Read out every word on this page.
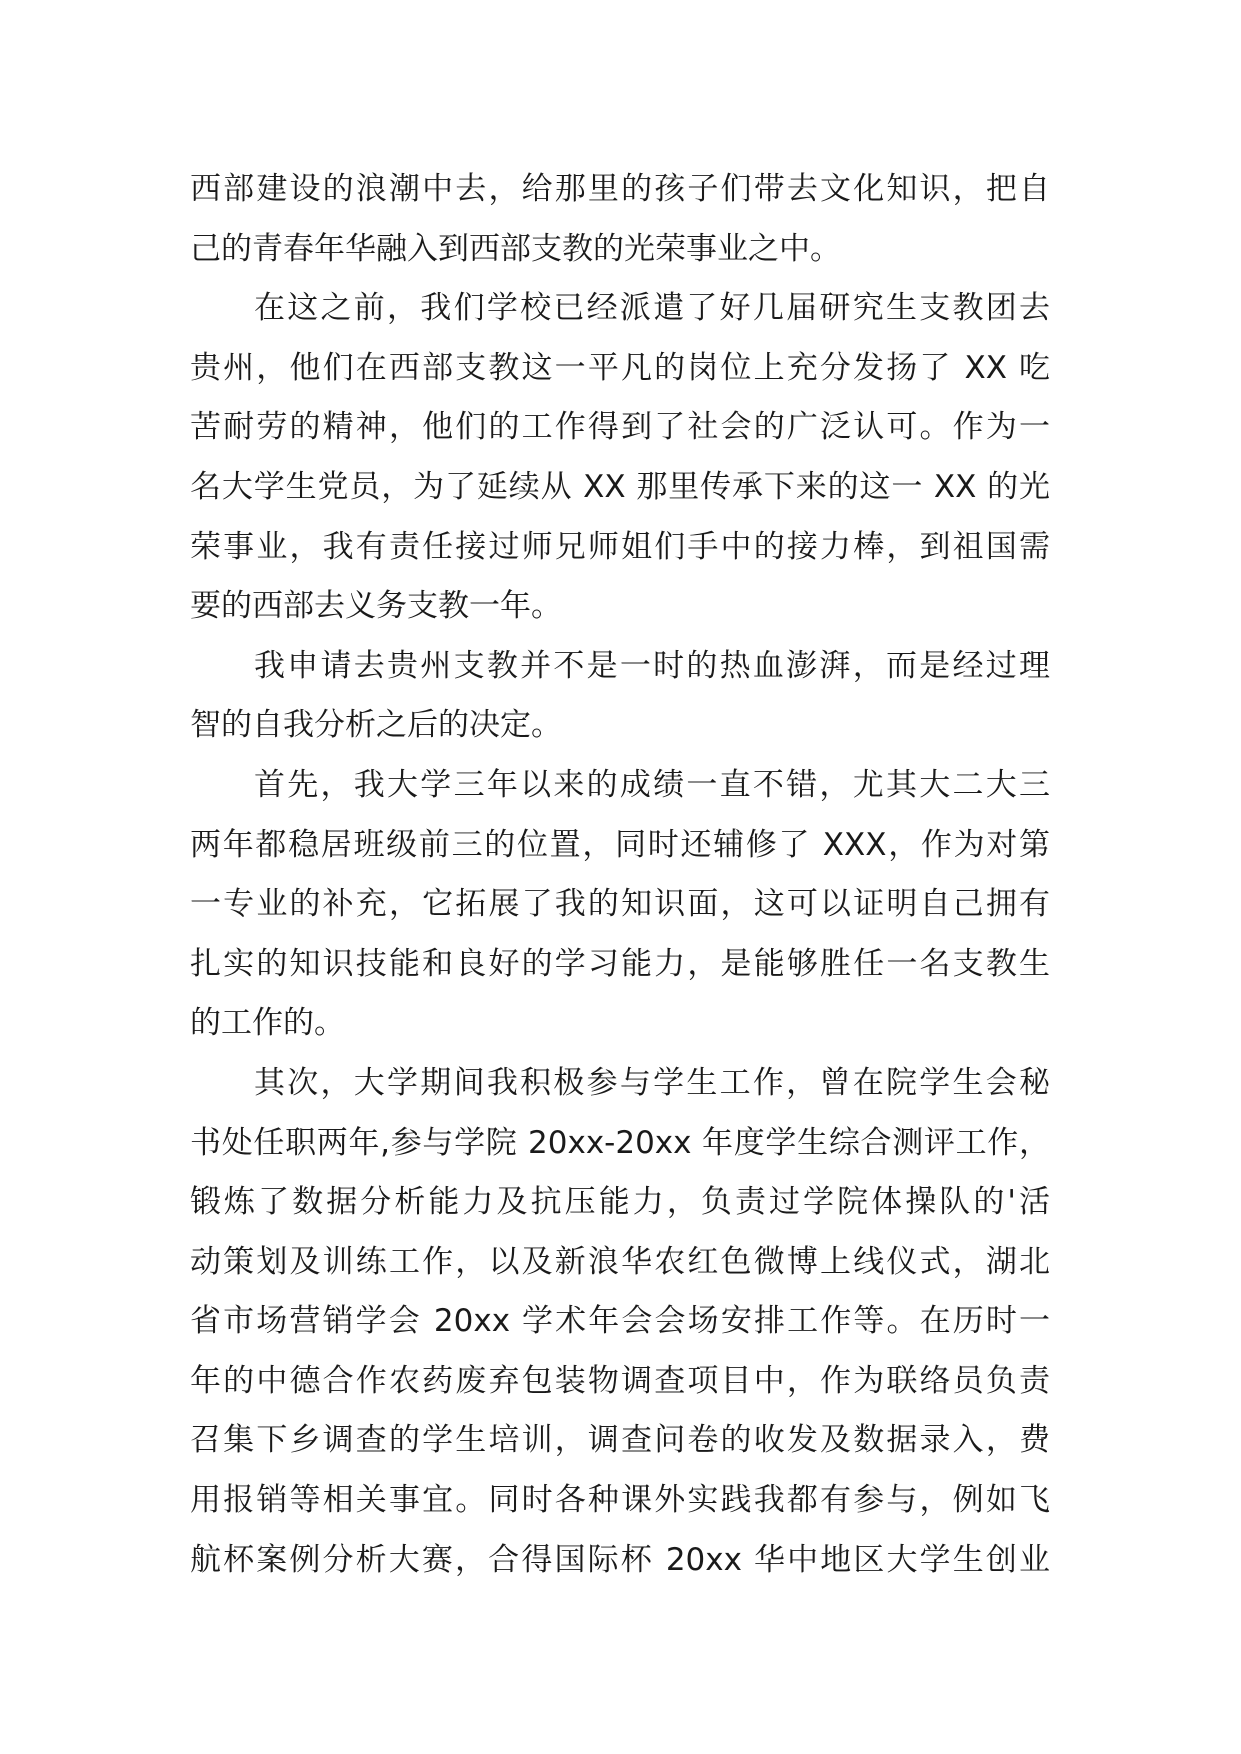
西部建设的浪潮中去，给那里的孩子们带去文化知识，把自
己的青春年华融入到西部支教的光荣事业之中。
在这之前，我们学校已经派遣了好几届研究生支教团去
贵州，他们在西部支教这一平凡的岗位上充分发扬了 XX 吃
苦耐劳的精神，他们的工作得到了社会的广泛认可。作为一
名大学生党员，为了延续从 XX 那里传承下来的这一 XX 的光
荣事业，我有责任接过师兄师姐们手中的接力棒，到祖国需
要的西部去义务支教一年。
我申请去贵州支教并不是一时的热血澎湃，而是经过理
智的自我分析之后的决定。
首先，我大学三年以来的成绩一直不错，尤其大二大三
两年都稳居班级前三的位置，同时还辅修了 XXX，作为对第
一专业的补充，它拓展了我的知识面，这可以证明自己拥有
扎实的知识技能和良好的学习能力，是能够胜任一名支教生
的工作的。
其次，大学期间我积极参与学生工作，曾在院学生会秘
书处任职两年,参与学院 20xx-20xx 年度学生综合测评工作，
锻炼了数据分析能力及抗压能力，负责过学院体操队的'活
动策划及训练工作，以及新浪华农红色微博上线仪式，湖北
省市场营销学会 20xx 学术年会会场安排工作等。在历时一
年的中德合作农药废弃包装物调查项目中，作为联络员负责
召集下乡调查的学生培训，调查问卷的收发及数据录入，费
用报销等相关事宜。同时各种课外实践我都有参与，例如飞
航杯案例分析大赛，合得国际杯 20xx 华中地区大学生创业
